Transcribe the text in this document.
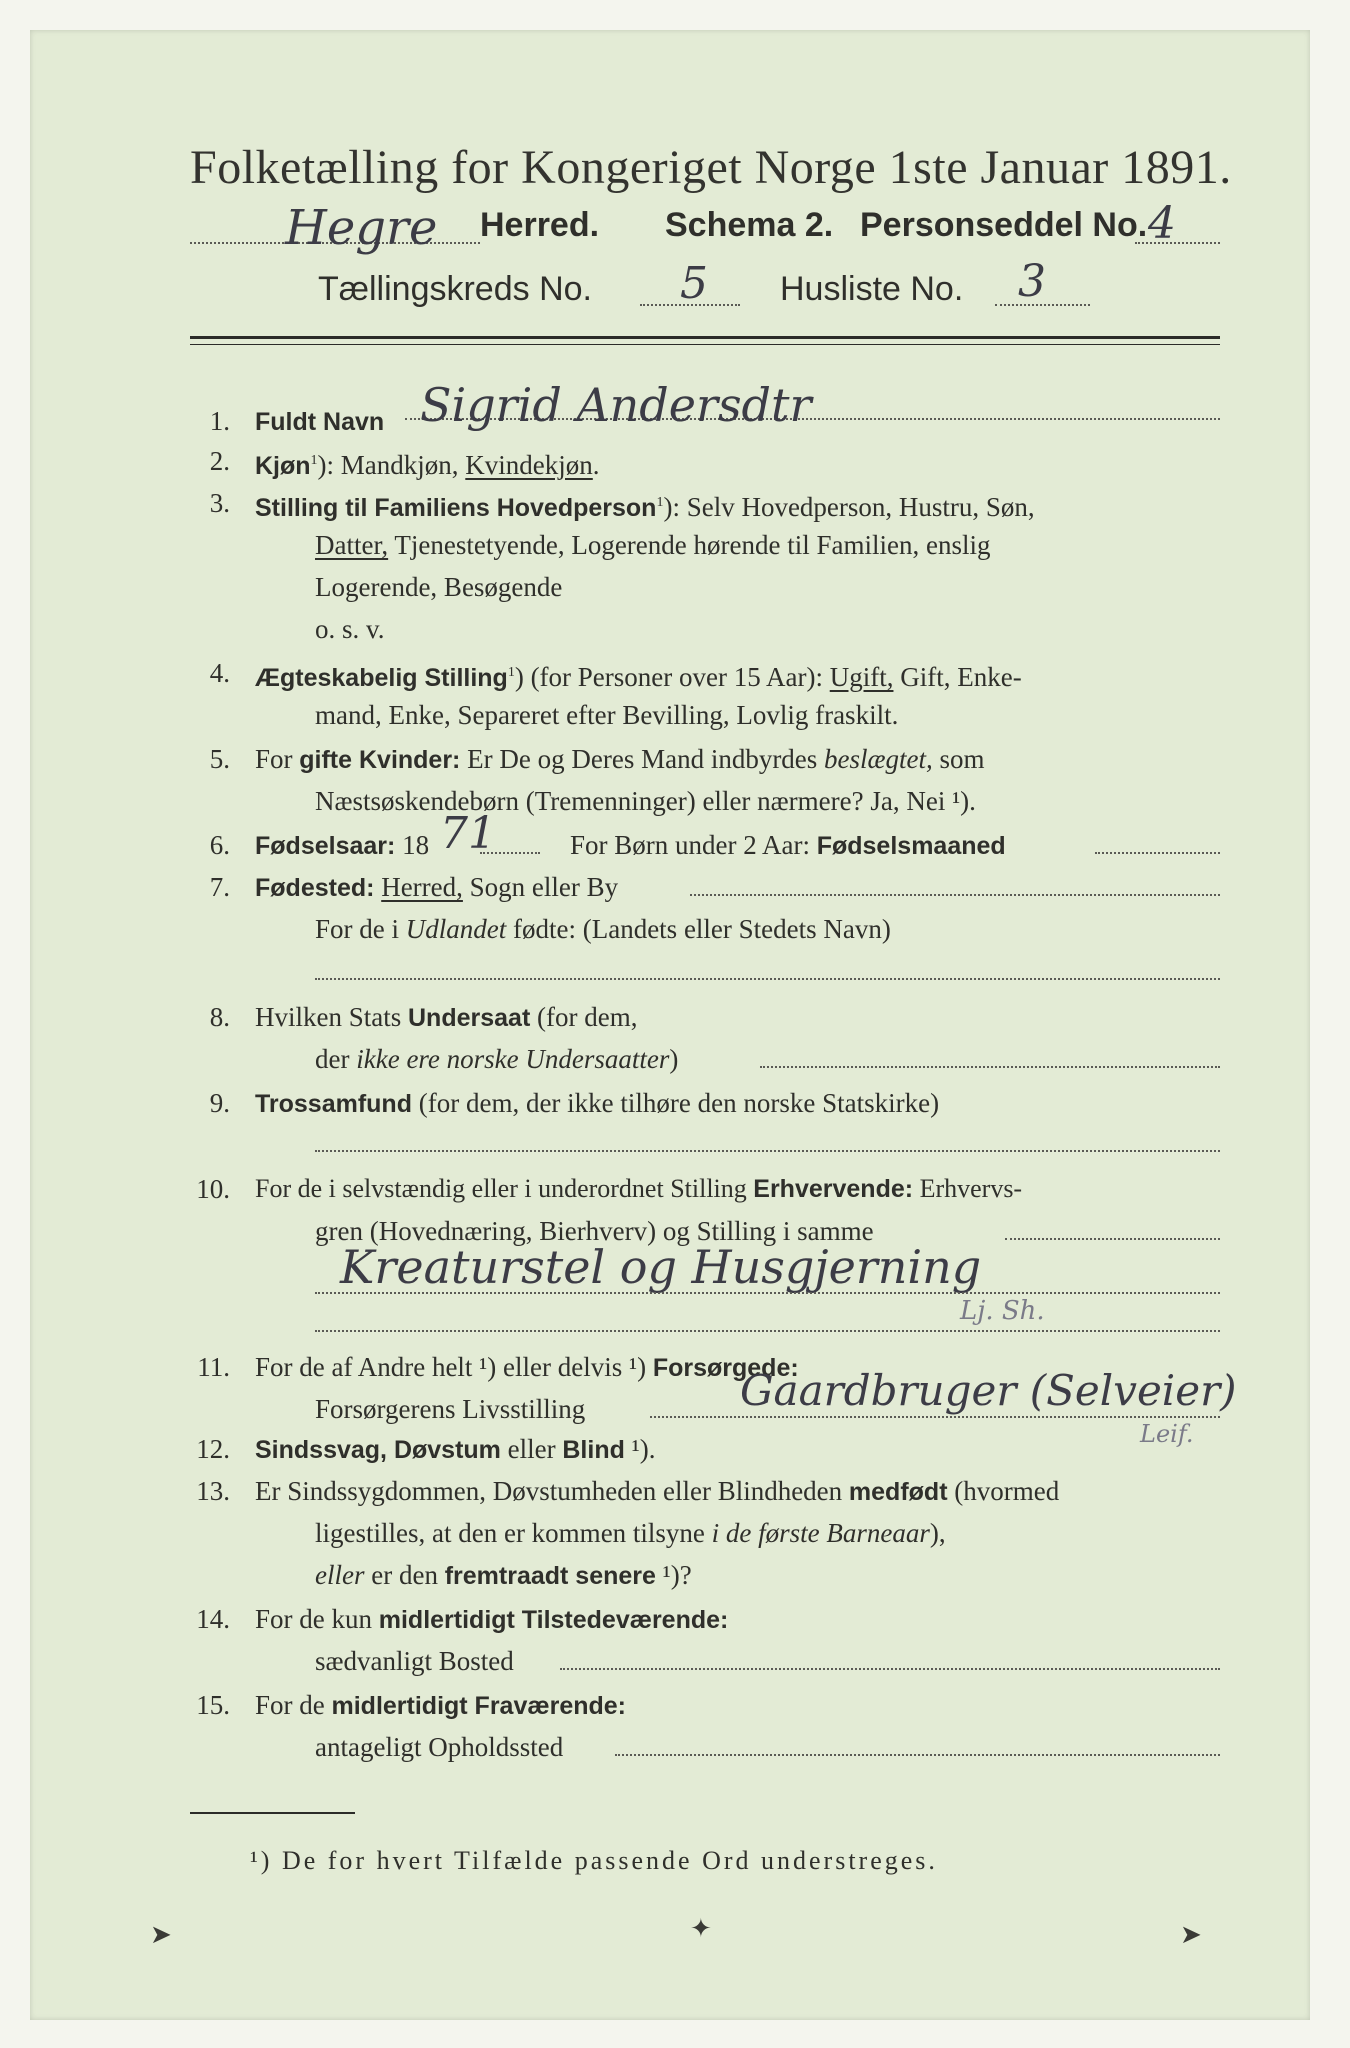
Folketælling for Kongeriget Norge 1ste Januar 1891.
Hegre Herred. Schema 2. Personseddel No. 4
Tællingskreds No. 5 Husliste No. 3
1. Fuldt Navn Sigrid Andersdtr
2. Kjøn$^1$): Mandkjøn, Kvindekjøn.
3. Stilling til Familiens Hovedperson$^1$): Selv Hovedperson, Hustru, Søn,
Datter, Tjenestetyende, Logerende hørende til Familien, enslig
Logerende, Besøgende
o. s. v.
4. Ægteskabelig Stilling$^1$) (for Personer over 15 Aar): Ugift, Gift, Enke-
mand, Enke, Separeret efter Bevilling, Lovlig fraskilt.
5. For gifte Kvinder: Er De og Deres Mand indbyrdes beslægtet, som
Næstsøskendebørn (Tremenninger) eller nærmere? Ja, Nei ¹).
6. Fødselsaar: 18 71	For Børn under 2 Aar: Fødselsmaaned
7. Fødested: Herred, Sogn eller By
For de i Udlandet fødte: (Landets eller Stedets Navn)
8. Hvilken Stats Undersaat (for dem,
der ikke ere norske Undersaatter)
9. Trossamfund (for dem, der ikke tilhøre den norske Statskirke)
10. For de i selvstændig eller i underordnet Stilling Erhvervende: Erhvervs-
gren (Hovednæring, Bierhverv) og Stilling i samme
Kreaturstel og Husgjerning
Lj. Sh.
11. For de af Andre helt ¹) eller delvis ¹) Forsørgede:
Forsørgerens Livsstilling	Gaardbruger (Selveier)
Leif.
12. Sindssvag, Døvstum eller Blind ¹).
13. Er Sindssygdommen, Døvstumheden eller Blindheden medfødt (hvormed
ligestilles, at den er kommen tilsyne i de første Barneaar),
eller er den fremtraadt senere ¹)?
14. For de kun midlertidigt Tilstedeværende:
sædvanligt Bosted
15. For de midlertidigt Fraværende:
antageligt Opholdssted
¹) De for hvert Tilfælde passende Ord understreges.
➤	✦	➤
